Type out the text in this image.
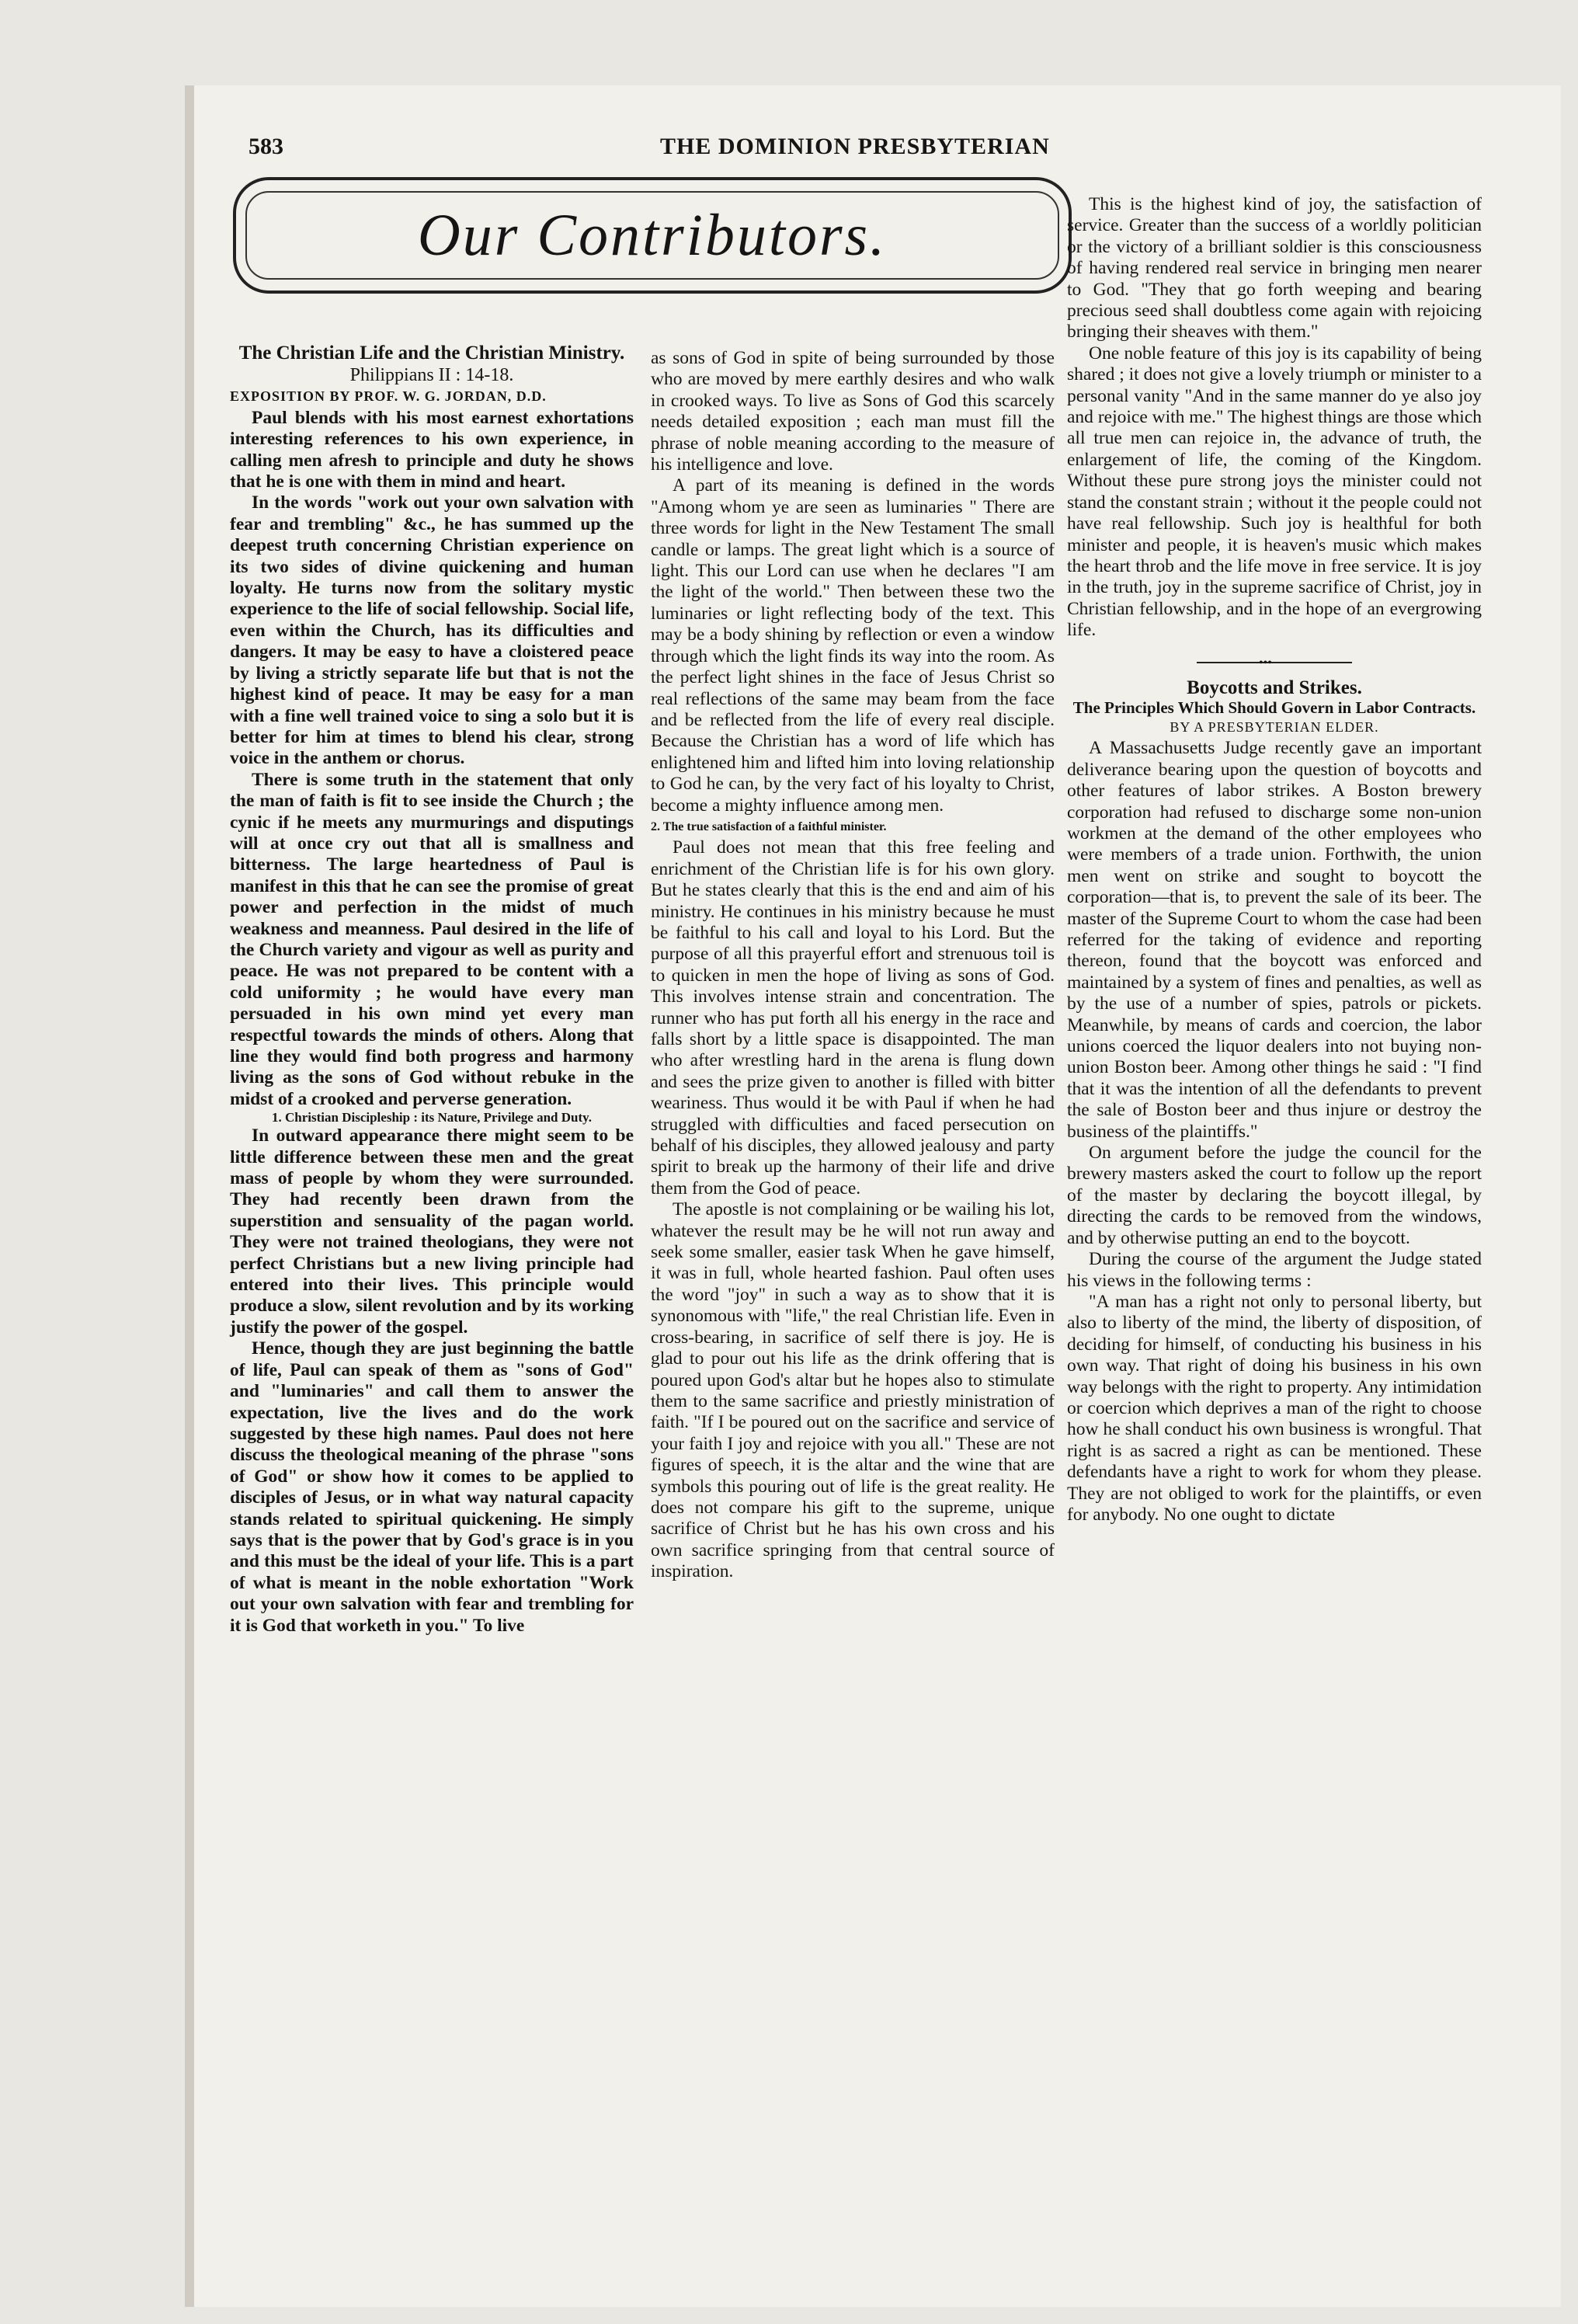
583	THE DOMINION PRESBYTERIAN
Our Contributors.

The Christian Life and the Christian Ministry.

Philippians II : 14-18.

EXPOSITION BY PROF. W. G. JORDAN, D.D.

Paul blends with his most earnest exhortations interesting references to his own experience, in calling men afresh to principle and duty he shows that he is one with them in mind and heart.

In the words "work out your own salvation with fear and trembling" &c., he has summed up the deepest truth concerning Christian experience on its two sides of divine quickening and human loyalty. He turns now from the solitary mystic experience to the life of social fellowship. Social life, even within the Church, has its difficulties and dangers. It may be easy to have a cloistered peace by living a strictly separate life but that is not the highest kind of peace. It may be easy for a man with a fine well trained voice to sing a solo but it is better for him at times to blend his clear, strong voice in the anthem or chorus.

There is some truth in the statement that only the man of faith is fit to see inside the Church ; the cynic if he meets any murmurings and disputings will at once cry out that all is smallness and bitterness. The large heartedness of Paul is manifest in this that he can see the promise of great power and perfection in the midst of much weakness and meanness. Paul desired in the life of the Church variety and vigour as well as purity and peace. He was not prepared to be content with a cold uniformity ; he would have every man persuaded in his own mind yet every man respectful towards the minds of others. Along that line they would find both progress and harmony living as the sons of God without rebuke in the midst of a crooked and perverse generation.

1. Christian Discipleship : its Nature, Privilege and Duty.

In outward appearance there might seem to be little difference between these men and the great mass of people by whom they were surrounded. They had recently been drawn from the superstition and sensuality of the pagan world. They were not trained theologians, they were not perfect Christians but a new living principle had entered into their lives. This principle would produce a slow, silent revolution and by its working justify the power of the gospel.

Hence, though they are just beginning the battle of life, Paul can speak of them as "sons of God" and "luminaries" and call them to answer the expectation, live the lives and do the work suggested by these high names. Paul does not here discuss the theological meaning of the phrase "sons of God" or show how it comes to be applied to disciples of Jesus, or in what way natural capacity stands related to spiritual quickening. He simply says that is the power that by God's grace is in you and this must be the ideal of your life. This is a part of what is meant in the noble exhortation "Work out your own salvation with fear and trembling for it is God that worketh in you." To live

as sons of God in spite of being surrounded by those who are moved by mere earthly desires and who walk in crooked ways. To live as Sons of God this scarcely needs detailed exposition ; each man must fill the phrase of noble meaning according to the measure of his intelligence and love.

A part of its meaning is defined in the words "Among whom ye are seen as luminaries " There are three words for light in the New Testament The small candle or lamps. The great light which is a source of light. This our Lord can use when he declares "I am the light of the world." Then between these two the luminaries or light reflecting body of the text. This may be a body shining by reflection or even a window through which the light finds its way into the room. As the perfect light shines in the face of Jesus Christ so real reflections of the same may beam from the face and be reflected from the life of every real disciple. Because the Christian has a word of life which has enlightened him and lifted him into loving relationship to God he can, by the very fact of his loyalty to Christ, become a mighty influence among men.

2. The true satisfaction of a faithful minister.

Paul does not mean that this free feeling and enrichment of the Christian life is for his own glory. But he states clearly that this is the end and aim of his ministry. He continues in his ministry because he must be faithful to his call and loyal to his Lord. But the purpose of all this prayerful effort and strenuous toil is to quicken in men the hope of living as sons of God. This involves intense strain and concentration. The runner who has put forth all his energy in the race and falls short by a little space is disappointed. The man who after wrestling hard in the arena is flung down and sees the prize given to another is filled with bitter weariness. Thus would it be with Paul if when he had struggled with difficulties and faced persecution on behalf of his disciples, they allowed jealousy and party spirit to break up the harmony of their life and drive them from the God of peace.

The apostle is not complaining or be wailing his lot, whatever the result may be he will not run away and seek some smaller, easier task When he gave himself, it was in full, whole hearted fashion. Paul often uses the word "joy" in such a way as to show that it is synonomous with "life," the real Christian life. Even in cross-bearing, in sacrifice of self there is joy. He is glad to pour out his life as the drink offering that is poured upon God's altar but he hopes also to stimulate them to the same sacrifice and priestly ministration of faith. "If I be poured out on the sacrifice and service of your faith I joy and rejoice with you all." These are not figures of speech, it is the altar and the wine that are symbols this pouring out of life is the great reality. He does not compare his gift to the supreme, unique sacrifice of Christ but he has his own cross and his own sacrifice springing from that central source of inspiration.

This is the highest kind of joy, the satisfaction of service. Greater than the success of a worldly politician or the victory of a brilliant soldier is this consciousness of having rendered real service in bringing men nearer to God. "They that go forth weeping and bearing precious seed shall doubtless come again with rejoicing bringing their sheaves with them."

One noble feature of this joy is its capability of being shared ; it does not give a lovely triumph or minister to a personal vanity "And in the same manner do ye also joy and rejoice with me." The highest things are those which all true men can rejoice in, the advance of truth, the enlargement of life, the coming of the Kingdom. Without these pure strong joys the minister could not stand the constant strain ; without it the people could not have real fellowship. Such joy is healthful for both minister and people, it is heaven's music which makes the heart throb and the life move in free service. It is joy in the truth, joy in the supreme sacrifice of Christ, joy in Christian fellowship, and in the hope of an evergrowing life.

•••

Boycotts and Strikes.

The Principles Which Should Govern in Labor Contracts.

BY A PRESBYTERIAN ELDER.

A Massachusetts Judge recently gave an important deliverance bearing upon the question of boycotts and other features of labor strikes. A Boston brewery corporation had refused to discharge some non-union workmen at the demand of the other employees who were members of a trade union. Forthwith, the union men went on strike and sought to boycott the corporation—that is, to prevent the sale of its beer. The master of the Supreme Court to whom the case had been referred for the taking of evidence and reporting thereon, found that the boycott was enforced and maintained by a system of fines and penalties, as well as by the use of a number of spies, patrols or pickets. Meanwhile, by means of cards and coercion, the labor unions coerced the liquor dealers into not buying non-union Boston beer. Among other things he said : "I find that it was the intention of all the defendants to prevent the sale of Boston beer and thus injure or destroy the business of the plaintiffs."

On argument before the judge the council for the brewery masters asked the court to follow up the report of the master by declaring the boycott illegal, by directing the cards to be removed from the windows, and by otherwise putting an end to the boycott.

During the course of the argument the Judge stated his views in the following terms :

"A man has a right not only to personal liberty, but also to liberty of the mind, the liberty of disposition, of deciding for himself, of conducting his business in his own way. That right of doing his business in his own way belongs with the right to property. Any intimidation or coercion which deprives a man of the right to choose how he shall conduct his own business is wrongful. That right is as sacred a right as can be mentioned. These defendants have a right to work for whom they please. They are not obliged to work for the plaintiffs, or even for anybody. No one ought to dictate
